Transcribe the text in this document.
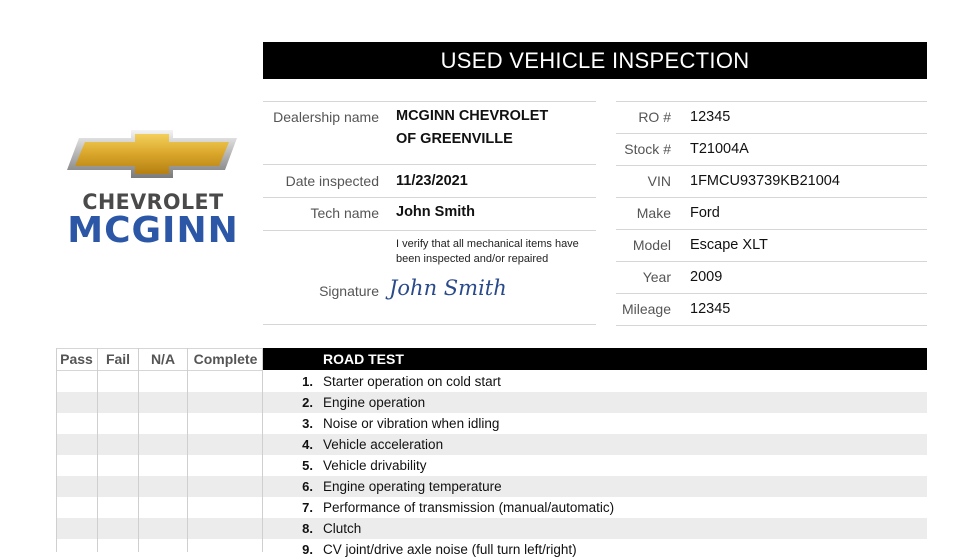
CHEVROLET
MCGINN
USED VEHICLE INSPECTION
Dealership name MCGINN CHEVROLET
OF GREENVILLE
Date inspected 11/23/2021
Tech name John Smith
I verify that all mechanical items have been inspected and/or repaired
Signature John Smith
RO # 12345
Stock # T21004A
VIN 1FMCU93739KB21004
Make Ford
Model Escape XLT
Year 2009
Mileage 12345
Pass Fail	N/A	Complete	ROAD TEST
1. Starter operation on cold start
2. Engine operation
3. Noise or vibration when idling
4. Vehicle acceleration
5. Vehicle drivability
6. Engine operating temperature
7. Performance of transmission (manual/automatic)
8. Clutch
9. CV joint/drive axle noise (full turn left/right)
